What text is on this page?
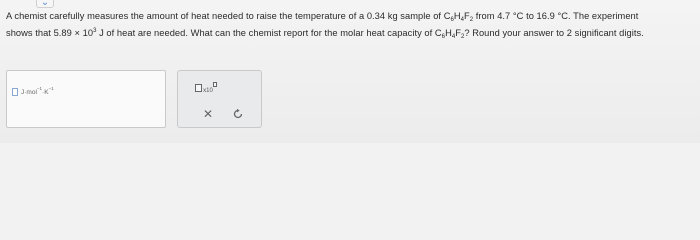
⌄
A chemist carefully measures the amount of heat needed to raise the temperature of a 0.34 kg sample of $C_6H_4F_2$ from 4.7 °C to 16.9 °C. The experiment
shows that $5.89 \times 10^3$ J of heat are needed. What can the chemist report for the molar heat capacity of $C_6H_4F_2$? Round your answer to 2 significant digits.
$J\cdot mol^{-1}\cdot K^{-1}$	x10
✕
